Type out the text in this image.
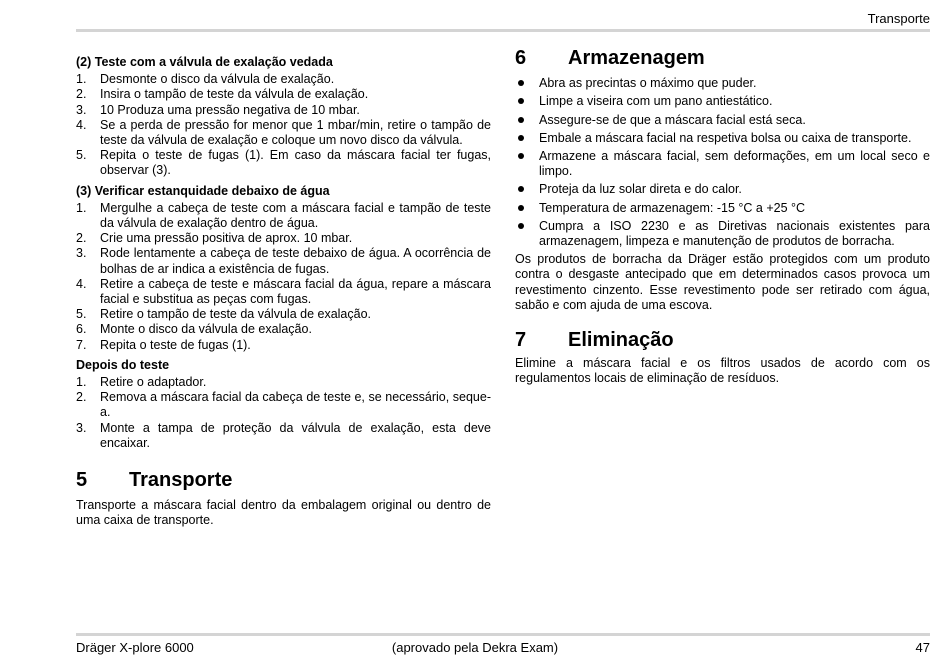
Transporte
(2) Teste com a válvula de exalação vedada
1. Desmonte o disco da válvula de exalação.
2. Insira o tampão de teste da válvula de exalação.
3. 10 Produza uma pressão negativa de 10 mbar.
4. Se a perda de pressão for menor que 1 mbar/min, retire o tampão de teste da válvula de exalação e coloque um novo disco da válvula.
5. Repita o teste de fugas (1). Em caso da máscara facial ter fugas, observar (3).
(3) Verificar estanquidade debaixo de água
1. Mergulhe a cabeça de teste com a máscara facial e tampão de teste da válvula de exalação dentro de água.
2. Crie uma pressão positiva de aprox. 10 mbar.
3. Rode lentamente a cabeça de teste debaixo de água. A ocorrência de bolhas de ar indica a existência de fugas.
4. Retire a cabeça de teste e máscara facial da água, repare a máscara facial e substitua as peças com fugas.
5. Retire o tampão de teste da válvula de exalação.
6. Monte o disco da válvula de exalação.
7. Repita o teste de fugas (1).
Depois do teste
1. Retire o adaptador.
2. Remova a máscara facial da cabeça de teste e, se necessário, seque-a.
3. Monte a tampa de proteção da válvula de exalação, esta deve encaixar.
5	Transporte

Transporte a máscara facial dentro da embalagem original ou dentro de uma caixa de transporte.

6	Armazenagem
Abra as precintas o máximo que puder.
Limpe a viseira com um pano antiestático.
Assegure-se de que a máscara facial está seca.
Embale a máscara facial na respetiva bolsa ou caixa de transporte.
Armazene a máscara facial, sem deformações, em um local seco e limpo.
Proteja da luz solar direta e do calor.
Temperatura de armazenagem: -15 °C a +25 °C
Cumpra a ISO 2230 e as Diretivas nacionais existentes para armazenagem, limpeza e manutenção de produtos de borracha.

Os produtos de borracha da Dräger estão protegidos com um produto contra o desgaste antecipado que em determinados casos provoca um revestimento cinzento. Esse revestimento pode ser retirado com água, sabão e com ajuda de uma escova.

7	Eliminação

Elimine a máscara facial e os filtros usados de acordo com os regulamentos locais de eliminação de resíduos.

Dräger X-plore 6000	(aprovado pela Dekra Exam)	47
